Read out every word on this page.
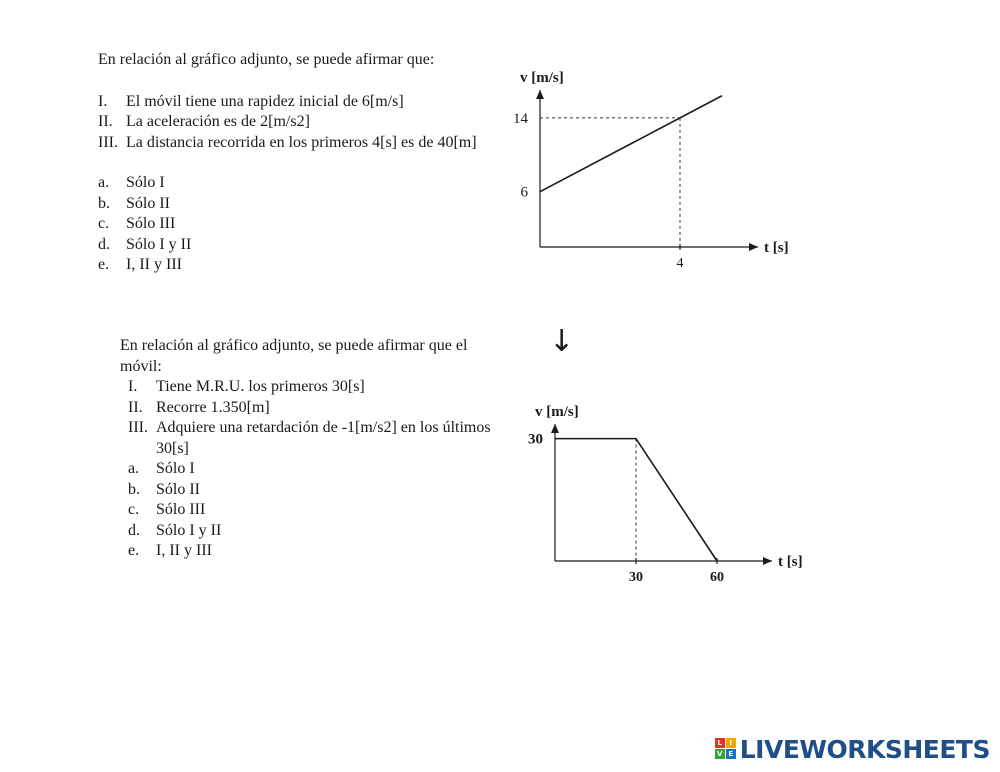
En relación al gráfico adjunto, se puede afirmar que:
I.	El móvil tiene una rapidez inicial de 6[m/s]
II. La aceleración es de 2[m/s2]
III. La distancia recorrida en los primeros 4[s] es de 40[m]
a.	Sólo I
b.	Sólo II
c.	Sólo III
d.	Sólo I y II
e.	I, II y III
En relación al gráfico adjunto, se puede afirmar que el móvil:
I.	Tiene M.R.U. los primeros 30[s]
II. Recorre 1.350[m]
III. Adquiere una retardación de -1[m/s2] en los últimos 30[s]
a.	Sólo I
b.	Sólo II
c.	Sólo III
d.	Sólo I y II
e.	I, II y III
v [m/s]
t [s]
4
6
14
↓
v [m/s]
t [s]
30	60
30
L	I
V E LIVEWORKSHEETS
